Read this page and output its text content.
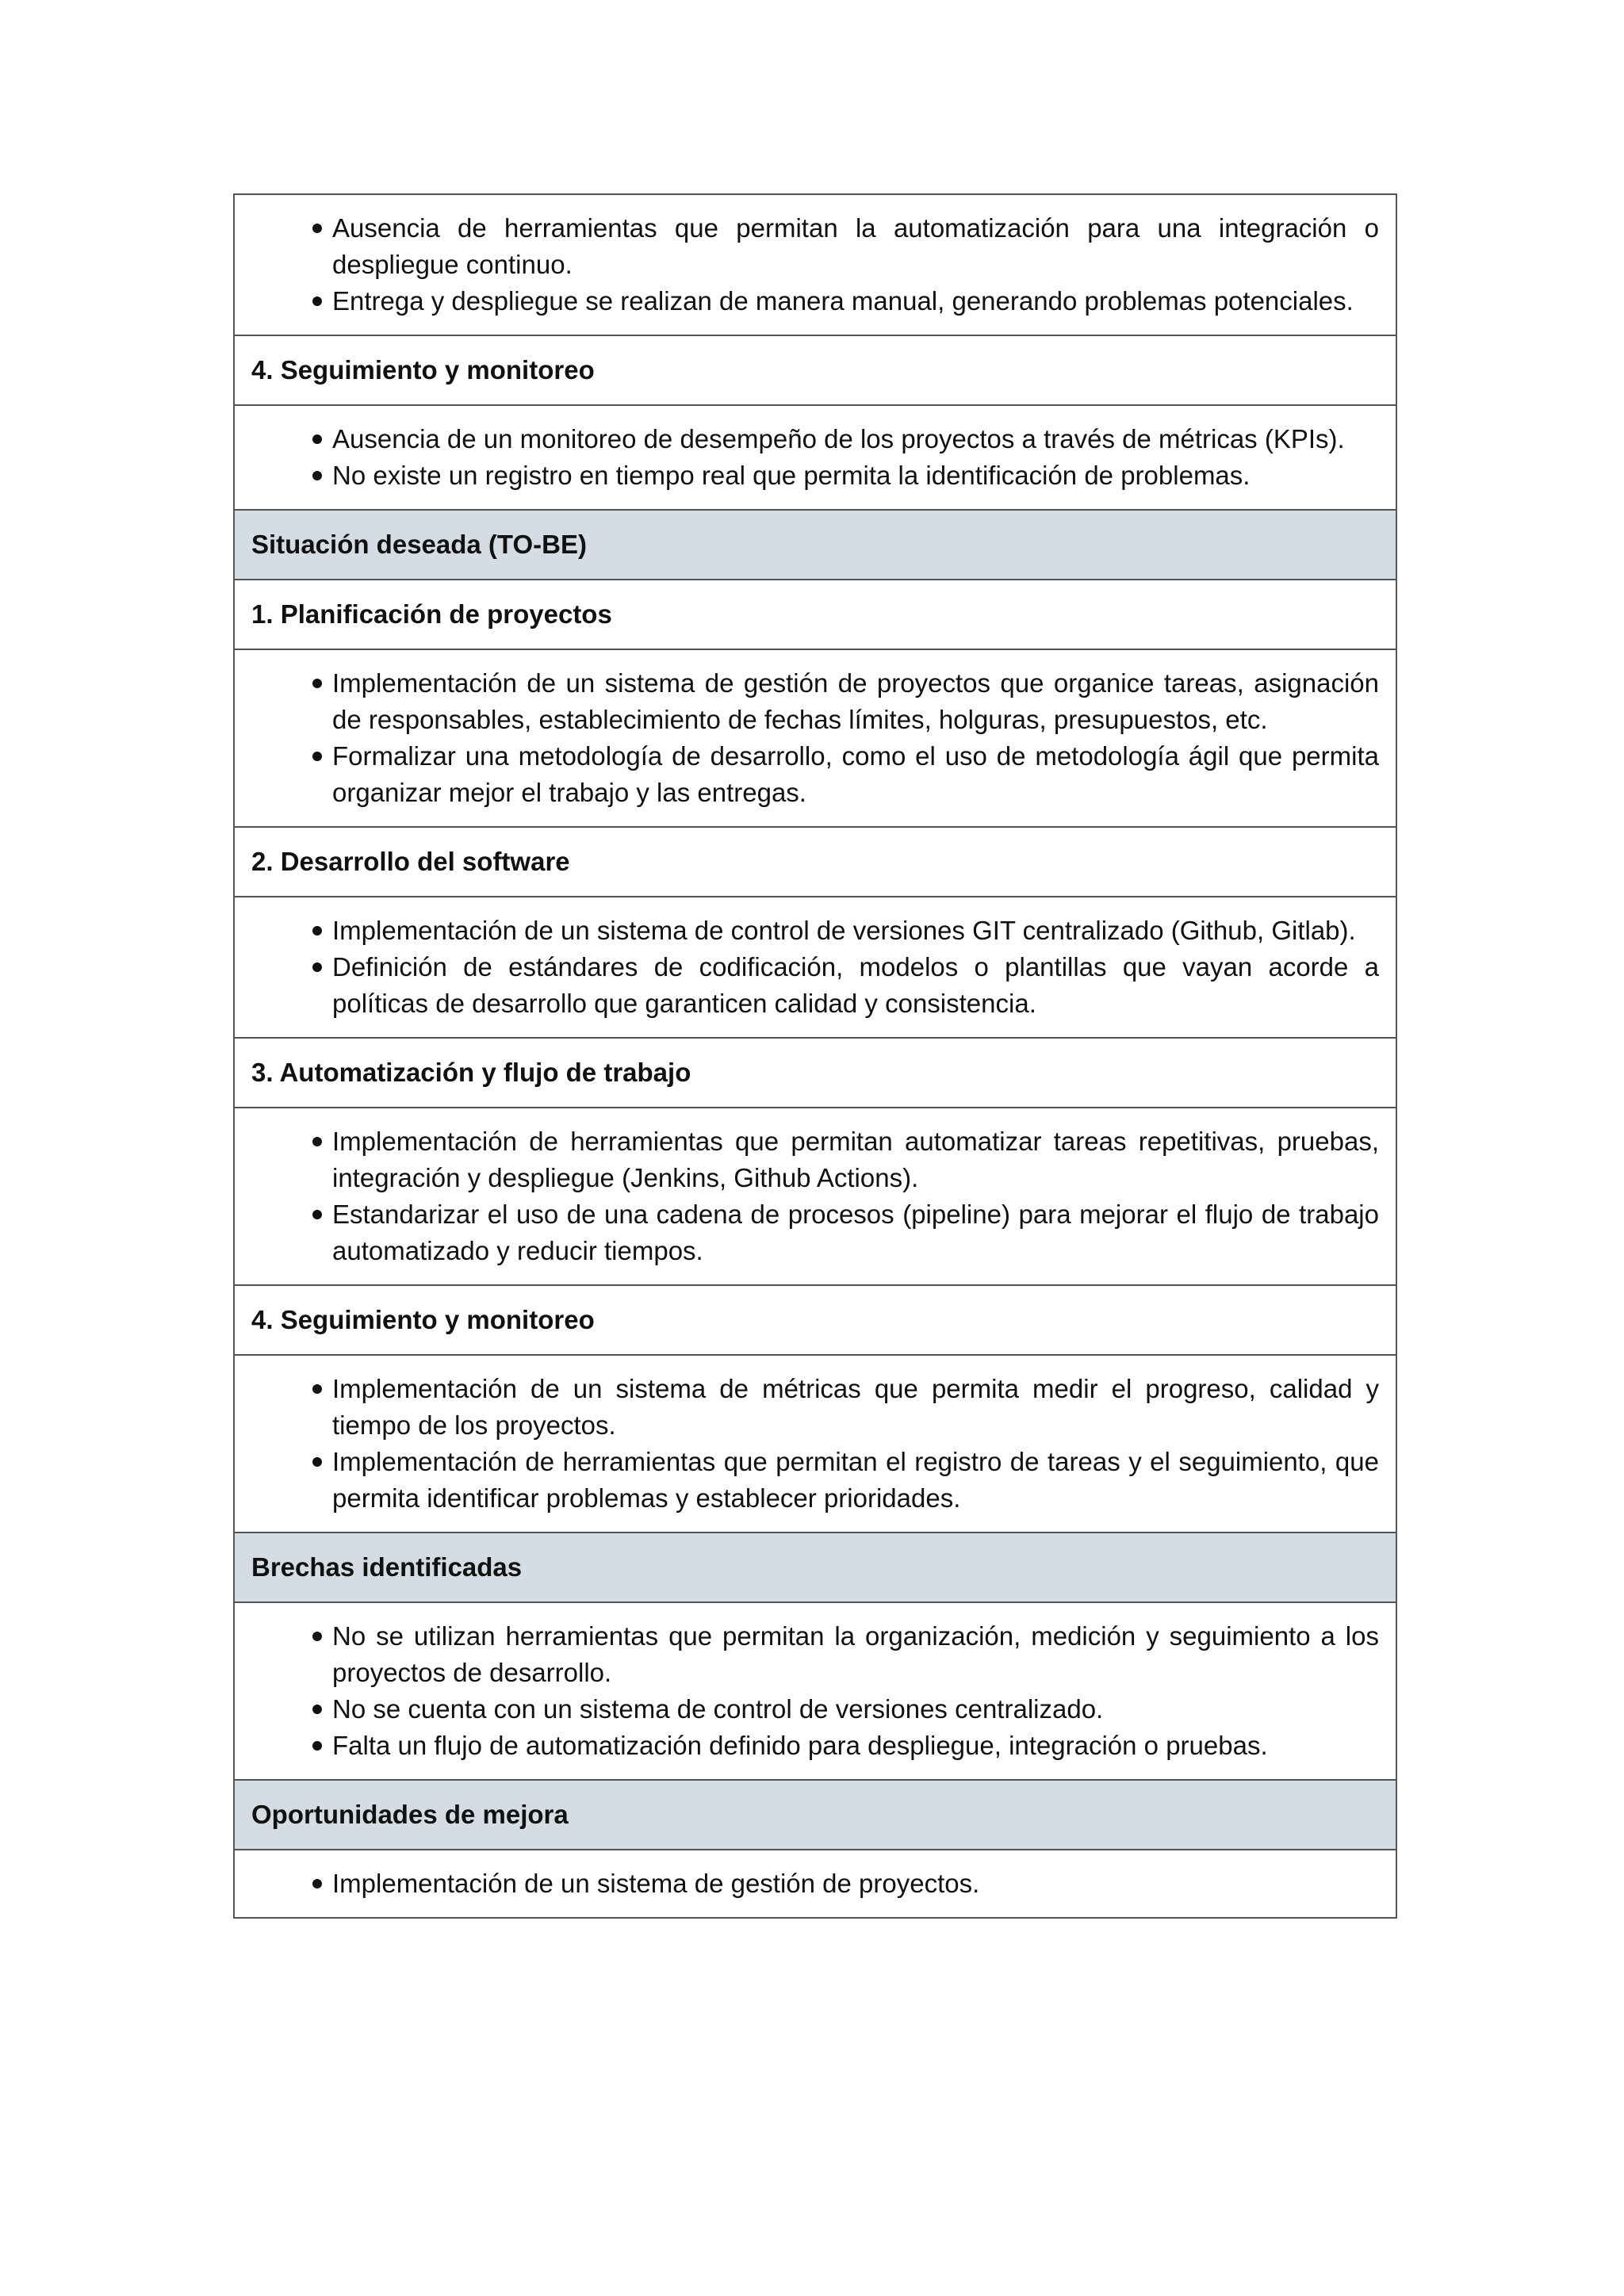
Ausencia de herramientas que permitan la automatización para una integración o despliegue continuo.
Entrega y despliegue se realizan de manera manual, generando problemas potenciales.

4. Seguimiento y monitoreo

Ausencia de un monitoreo de desempeño de los proyectos a través de métricas (KPIs).
No existe un registro en tiempo real que permita la identificación de problemas.

Situación deseada (TO-BE)
1. Planificación de proyectos

Implementación de un sistema de gestión de proyectos que organice tareas, asignación de responsables, establecimiento de fechas límites, holguras, presupuestos, etc.
Formalizar una metodología de desarrollo, como el uso de metodología ágil que permita organizar mejor el trabajo y las entregas.

2. Desarrollo del software

Implementación de un sistema de control de versiones GIT centralizado (Github, Gitlab).
Definición de estándares de codificación, modelos o plantillas que vayan acorde a políticas de desarrollo que garanticen calidad y consistencia.

3. Automatización y flujo de trabajo

Implementación de herramientas que permitan automatizar tareas repetitivas, pruebas, integración y despliegue (Jenkins, Github Actions).
Estandarizar el uso de una cadena de procesos (pipeline) para mejorar el flujo de trabajo automatizado y reducir tiempos.

4. Seguimiento y monitoreo

Implementación de un sistema de métricas que permita medir el progreso, calidad y tiempo de los proyectos.
Implementación de herramientas que permitan el registro de tareas y el seguimiento, que permita identificar problemas y establecer prioridades.

Brechas identificadas

No se utilizan herramientas que permitan la organización, medición y seguimiento a los proyectos de desarrollo.
No se cuenta con un sistema de control de versiones centralizado.
Falta un flujo de automatización definido para despliegue, integración o pruebas.

Oportunidades de mejora

Implementación de un sistema de gestión de proyectos.
